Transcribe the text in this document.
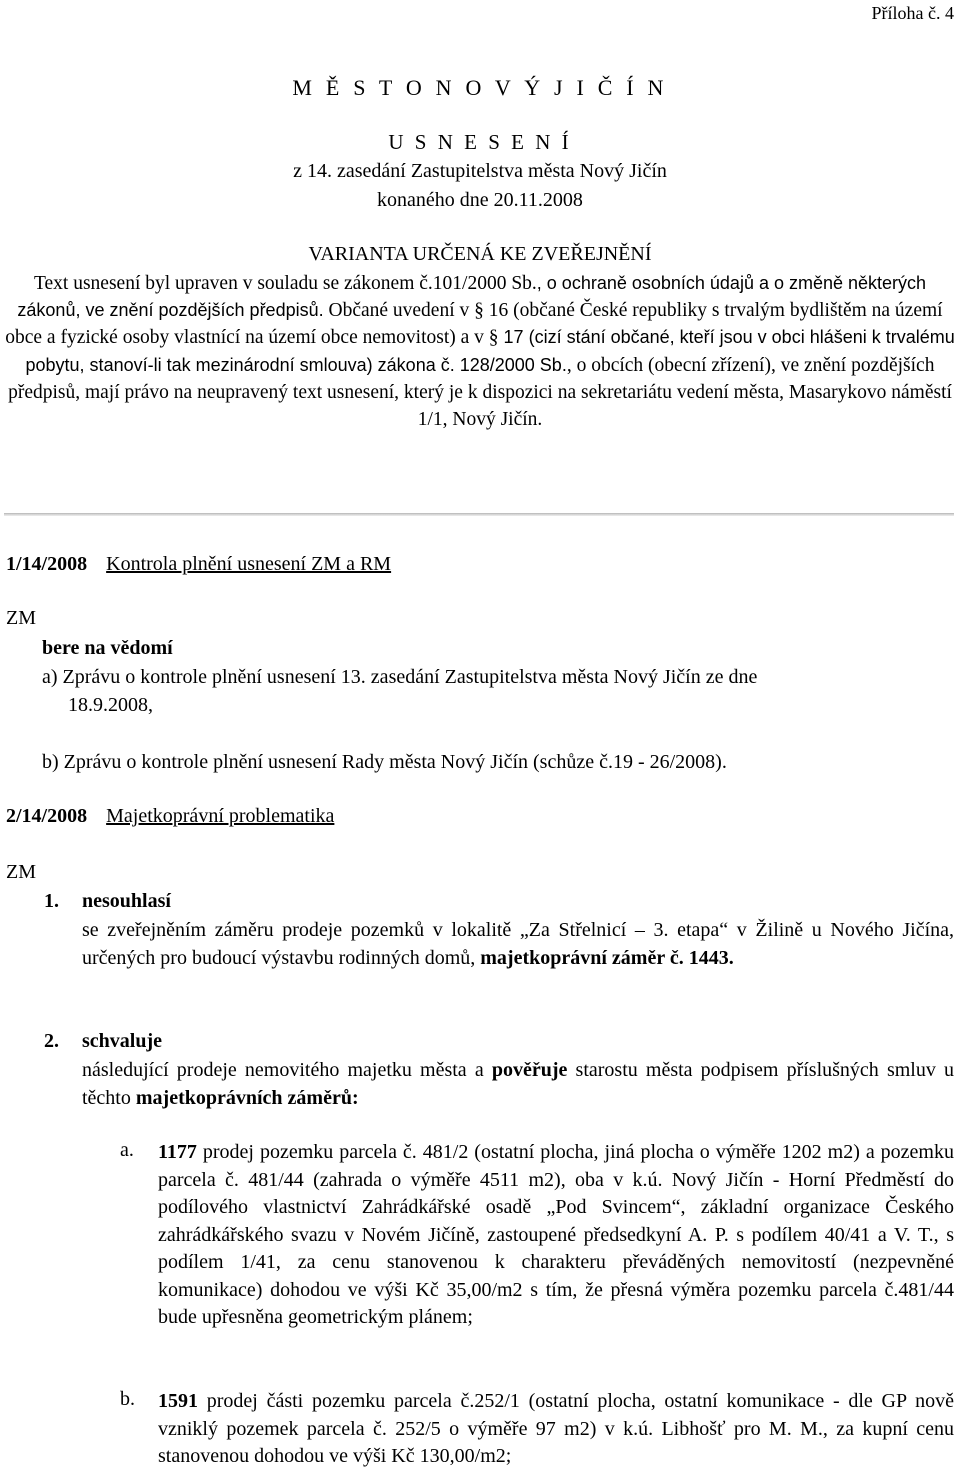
Příloha č. 4
M Ě S T O N O V Ý J I Č Í N
U S N E S E N Í
z 14. zasedání Zastupitelstva města Nový Jičín
konaného dne 20.11.2008
VARIANTA URČENÁ KE ZVEŘEJNĚNÍ
Text usnesení byl upraven v souladu se zákonem č.101/2000 Sb., o ochraně osobních údajů a o změně některých zákonů, ve znění pozdějších předpisů. Občané uvedení v § 16 (občané České republiky s trvalým bydlištěm na území obce a fyzické osoby vlastnící na území obce nemovitost) a v § 17 (cizí stání občané, kteří jsou v obci hlášeni k trvalému pobytu, stanoví-li tak mezinárodní smlouva) zákona č. 128/2000 Sb., o obcích (obecní zřízení), ve znění pozdějších předpisů, mají právo na neupravený text usnesení, který je k dispozici na sekretariátu vedení města, Masarykovo náměstí 1/1, Nový Jičín.
1/14/2008 Kontrola plnění usnesení ZM a RM
ZM
bere na vědomí
a) Zprávu o kontrole plnění usnesení 13. zasedání Zastupitelstva města Nový Jičín ze dne
18.9.2008,
b) Zprávu o kontrole plnění usnesení Rady města Nový Jičín (schůze č.19 - 26/2008).
2/14/2008 Majetkoprávní problematika
ZM
1. nesouhlasí
se zveřejněním záměru prodeje pozemků v lokalitě „Za Střelnicí – 3. etapa“ v Žilině u Nového Jičína, určených pro budoucí výstavbu rodinných domů, majetkoprávní záměr č. 1443.
2. schvaluje
následující prodeje nemovitého majetku města a pověřuje starostu města podpisem příslušných smluv u těchto majetkoprávních záměrů:
a. 1177 prodej pozemku parcela č. 481/2 (ostatní plocha, jiná plocha o výměře 1202 m2) a pozemku parcela č. 481/44 (zahrada o výměře 4511 m2), oba v k.ú. Nový Jičín - Horní Předměstí do podílového vlastnictví Zahrádkářské osadě „Pod Svincem“, základní organizace Českého zahrádkářského svazu v Novém Jičíně, zastoupené předsedkyní A. P. s podílem 40/41 a V. T., s podílem 1/41, za cenu stanovenou k charakteru převáděných nemovitostí (nezpevněné komunikace) dohodou ve výši Kč 35,00/m2 s tím, že přesná výměra pozemku parcela č.481/44 bude upřesněna geometrickým plánem;
b. 1591 prodej části pozemku parcela č.252/1 (ostatní plocha, ostatní komunikace - dle GP nově vzniklý pozemek parcela č. 252/5 o výměře 97 m2) v k.ú. Libhošť pro M. M., za kupní cenu stanovenou dohodou ve výši Kč 130,00/m2;
